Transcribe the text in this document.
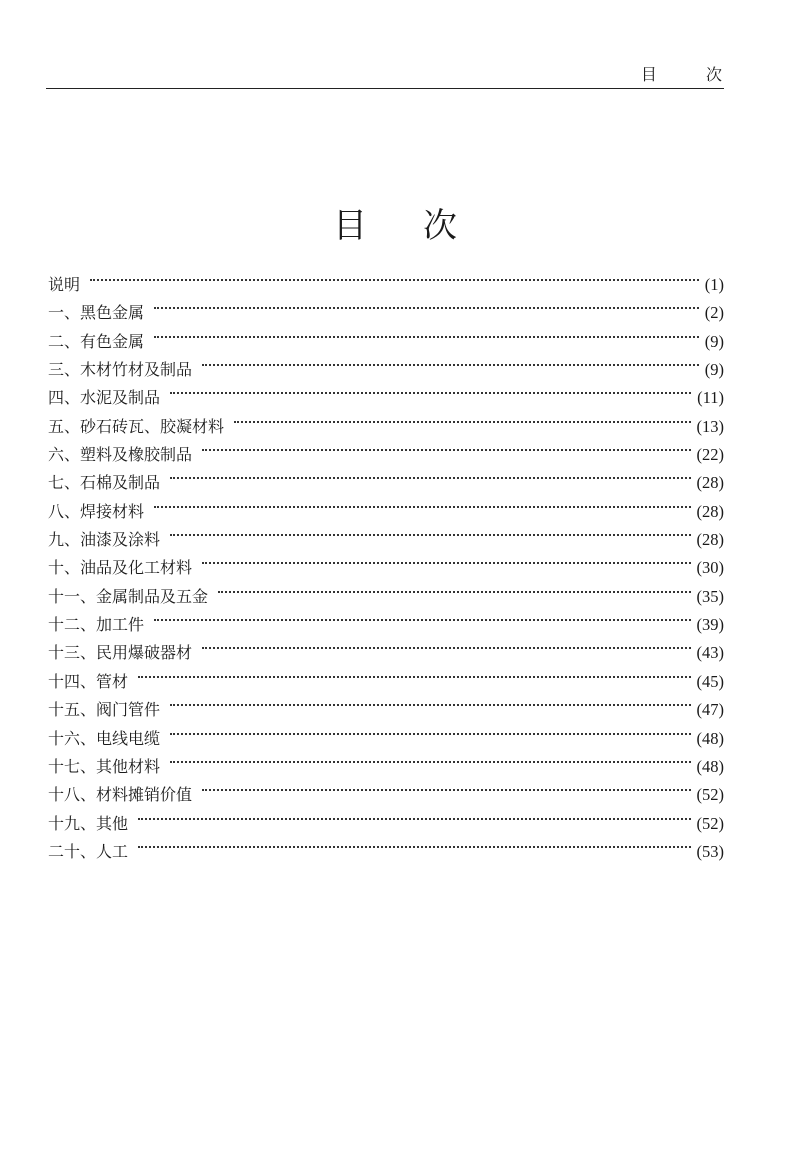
目 次
目次
说明	(1)
一、黑色金属	(2)
二、有色金属	(9)
三、木材竹材及制品	(9)
四、水泥及制品	(11)
五、砂石砖瓦、胶凝材料	(13)
六、塑料及橡胶制品	(22)
七、石棉及制品	(28)
八、焊接材料	(28)
九、油漆及涂料	(28)
十、油品及化工材料	(30)
十一、金属制品及五金	(35)
十二、加工件	(39)
十三、民用爆破器材	(43)
十四、管材	(45)
十五、阀门管件	(47)
十六、电线电缆	(48)
十七、其他材料	(48)
十八、材料摊销价值	(52)
十九、其他	(52)
二十、人工	(53)
